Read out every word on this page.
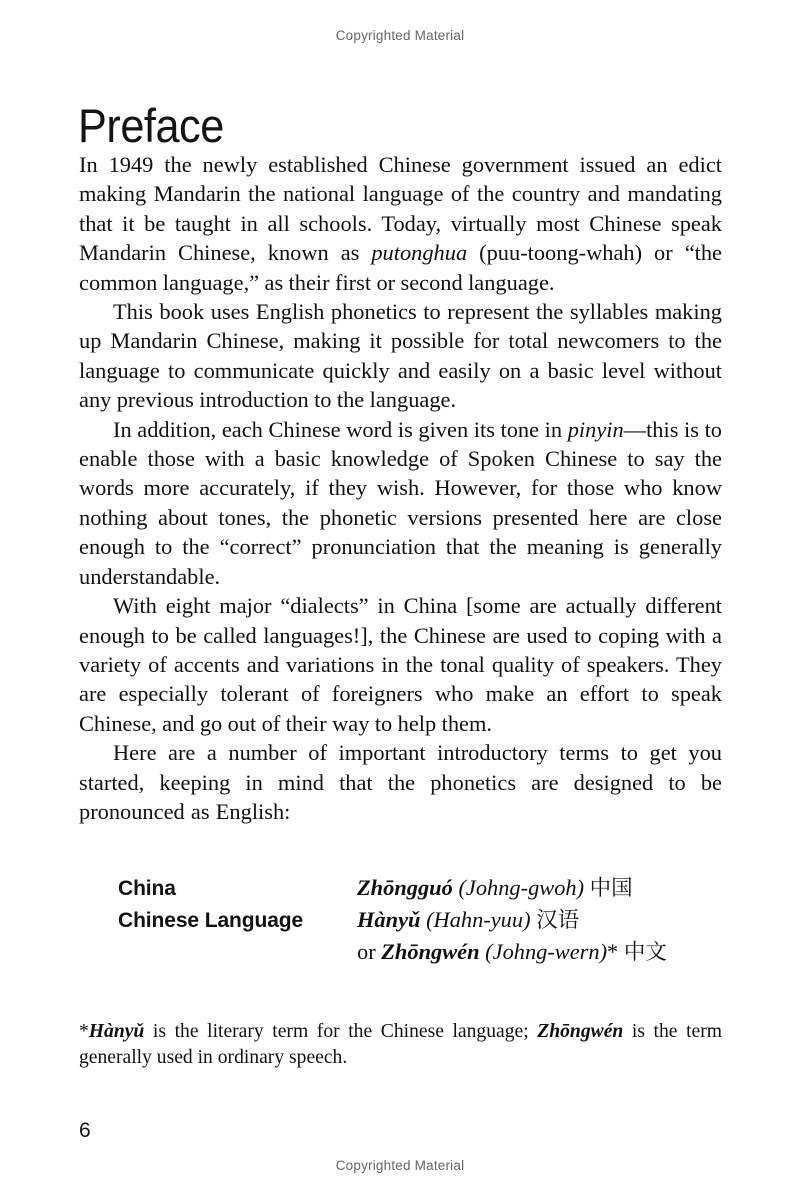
Copyrighted Material
Preface

In 1949 the newly established Chinese government issued an edict making Mandarin the national language of the country and mandating that it be taught in all schools. Today, virtually most Chinese speak Mandarin Chinese, known as putonghua (puu-toong-whah) or “the common language,” as their first or second language.

This book uses English phonetics to represent the syllables making up Mandarin Chinese, making it possible for total newcomers to the language to communicate quickly and easily on a basic level without any previous introduction to the language.

In addition, each Chinese word is given its tone in pinyin—this is to enable those with a basic knowledge of Spoken Chinese to say the words more accurately, if they wish. However, for those who know nothing about tones, the phonetic versions presented here are close enough to the “correct” pronunciation that the meaning is generally understandable.

With eight major “dialects” in China [some are actually different enough to be called languages!], the Chinese are used to coping with a variety of accents and variations in the tonal quality of speakers. They are especially tolerant of foreigners who make an effort to speak Chinese, and go out of their way to help them.

Here are a number of important introductory terms to get you started, keeping in mind that the phonetics are designed to be pronounced as English:

China	Zhōngguó (Johng-gwoh) 中国
Chinese Language	Hànyǔ (Hahn-yuu) 汉语
or Zhōngwén (Johng-wern)* 中文
*Hànyǔ is the literary term for the Chinese language; Zhōngwén is the term generally used in ordinary speech.
6
Copyrighted Material
